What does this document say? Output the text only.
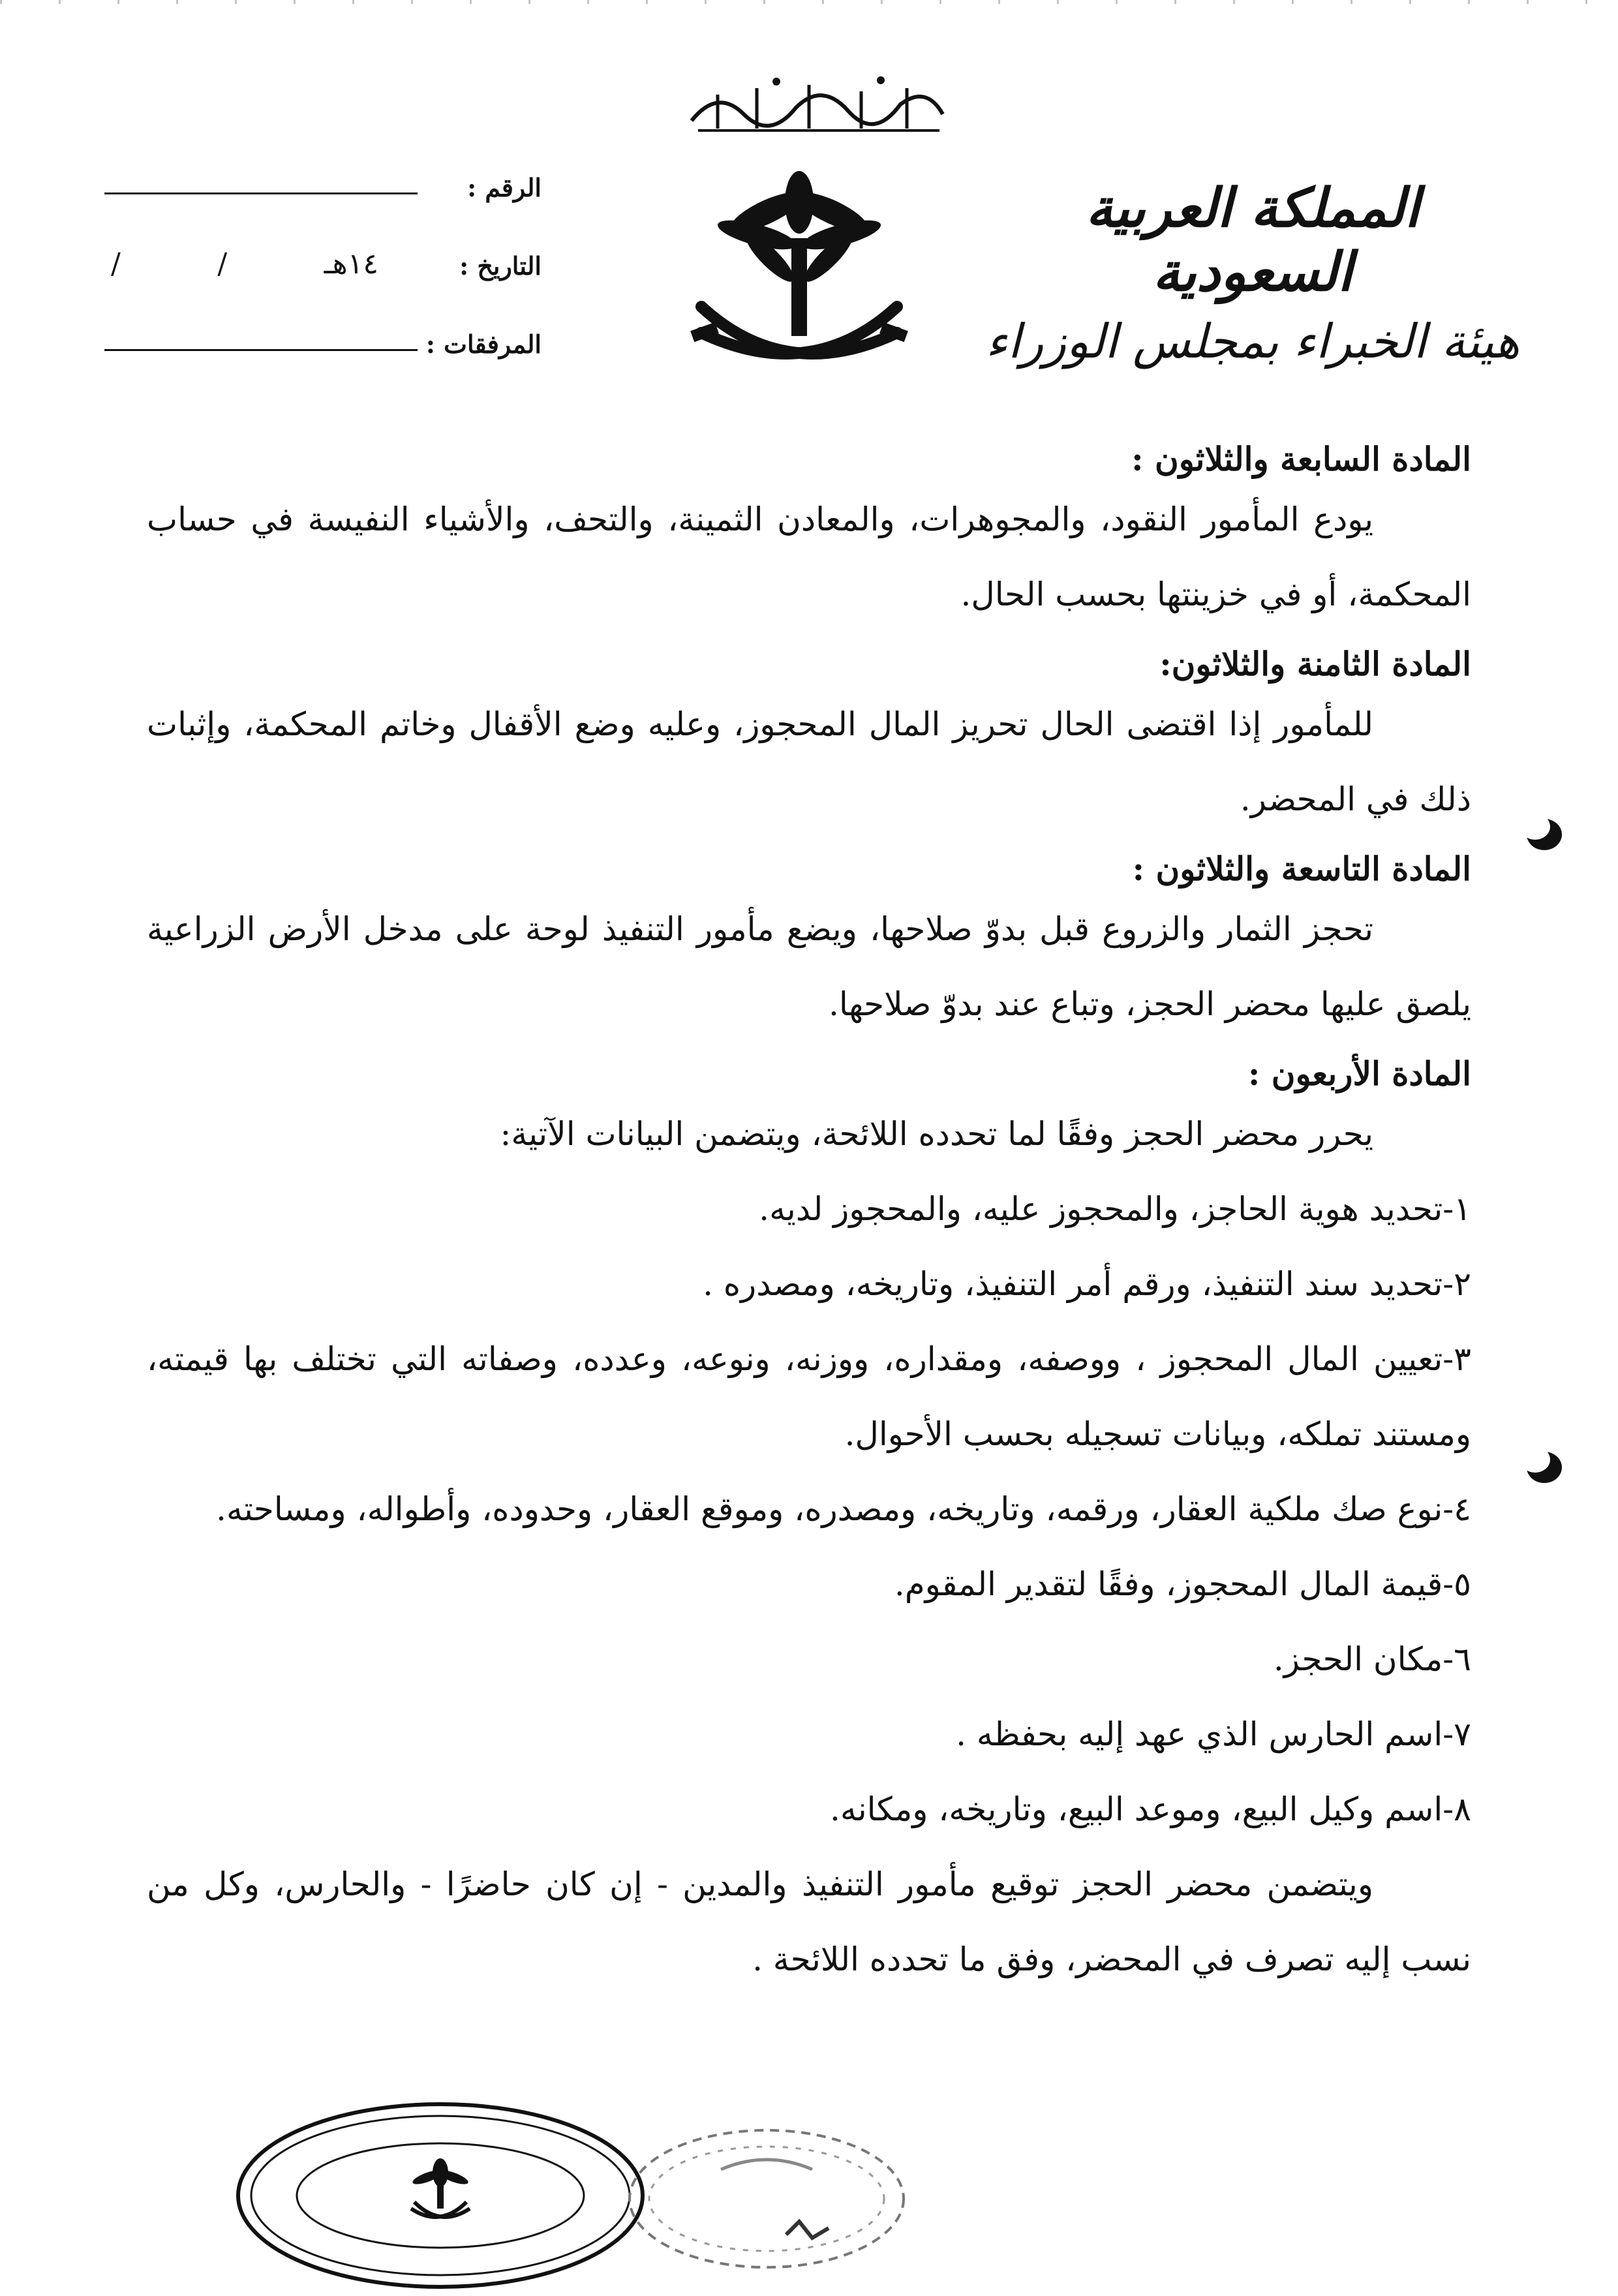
المملكة العربية السعودية
هيئة الخبراء بمجلس الوزراء
الرقم :
التاريخ :
/	/	١٤هـ
المرفقات :

المادة السابعة والثلاثون :

يودع المأمور النقود، والمجوهرات، والمعادن الثمينة، والتحف، والأشياء النفيسة في حساب المحكمة، أو في خزينتها بحسب الحال.

المادة الثامنة والثلاثون:

للمأمور إذا اقتضى الحال تحريز المال المحجوز، وعليه وضع الأقفال وخاتم المحكمة، وإثبات ذلك في المحضر.

المادة التاسعة والثلاثون :

تحجز الثمار والزروع قبل بدوّ صلاحها، ويضع مأمور التنفيذ لوحة على مدخل الأرض الزراعية يلصق عليها محضر الحجز، وتباع عند بدوّ صلاحها.

المادة الأربعون :

يحرر محضر الحجز وفقًا لما تحدده اللائحة، ويتضمن البيانات الآتية:

١-تحديد هوية الحاجز، والمحجوز عليه، والمحجوز لديه.

٢-تحديد سند التنفيذ، ورقم أمر التنفيذ، وتاريخه، ومصدره .

٣-تعيين المال المحجوز ، ووصفه، ومقداره، ووزنه، ونوعه، وعدده، وصفاته التي تختلف بها قيمته، ومستند تملكه، وبيانات تسجيله بحسب الأحوال.

٤-نوع صك ملكية العقار، ورقمه، وتاريخه، ومصدره، وموقع العقار، وحدوده، وأطواله، ومساحته.

٥-قيمة المال المحجوز، وفقًا لتقدير المقوم.

٦-مكان الحجز.

٧-اسم الحارس الذي عهد إليه بحفظه .

٨-اسم وكيل البيع، وموعد البيع، وتاريخه، ومكانه.

ويتضمن محضر الحجز توقيع مأمور التنفيذ والمدين - إن كان حاضرًا - والحارس، وكل من نسب إليه تصرف في المحضر، وفق ما تحدده اللائحة .
